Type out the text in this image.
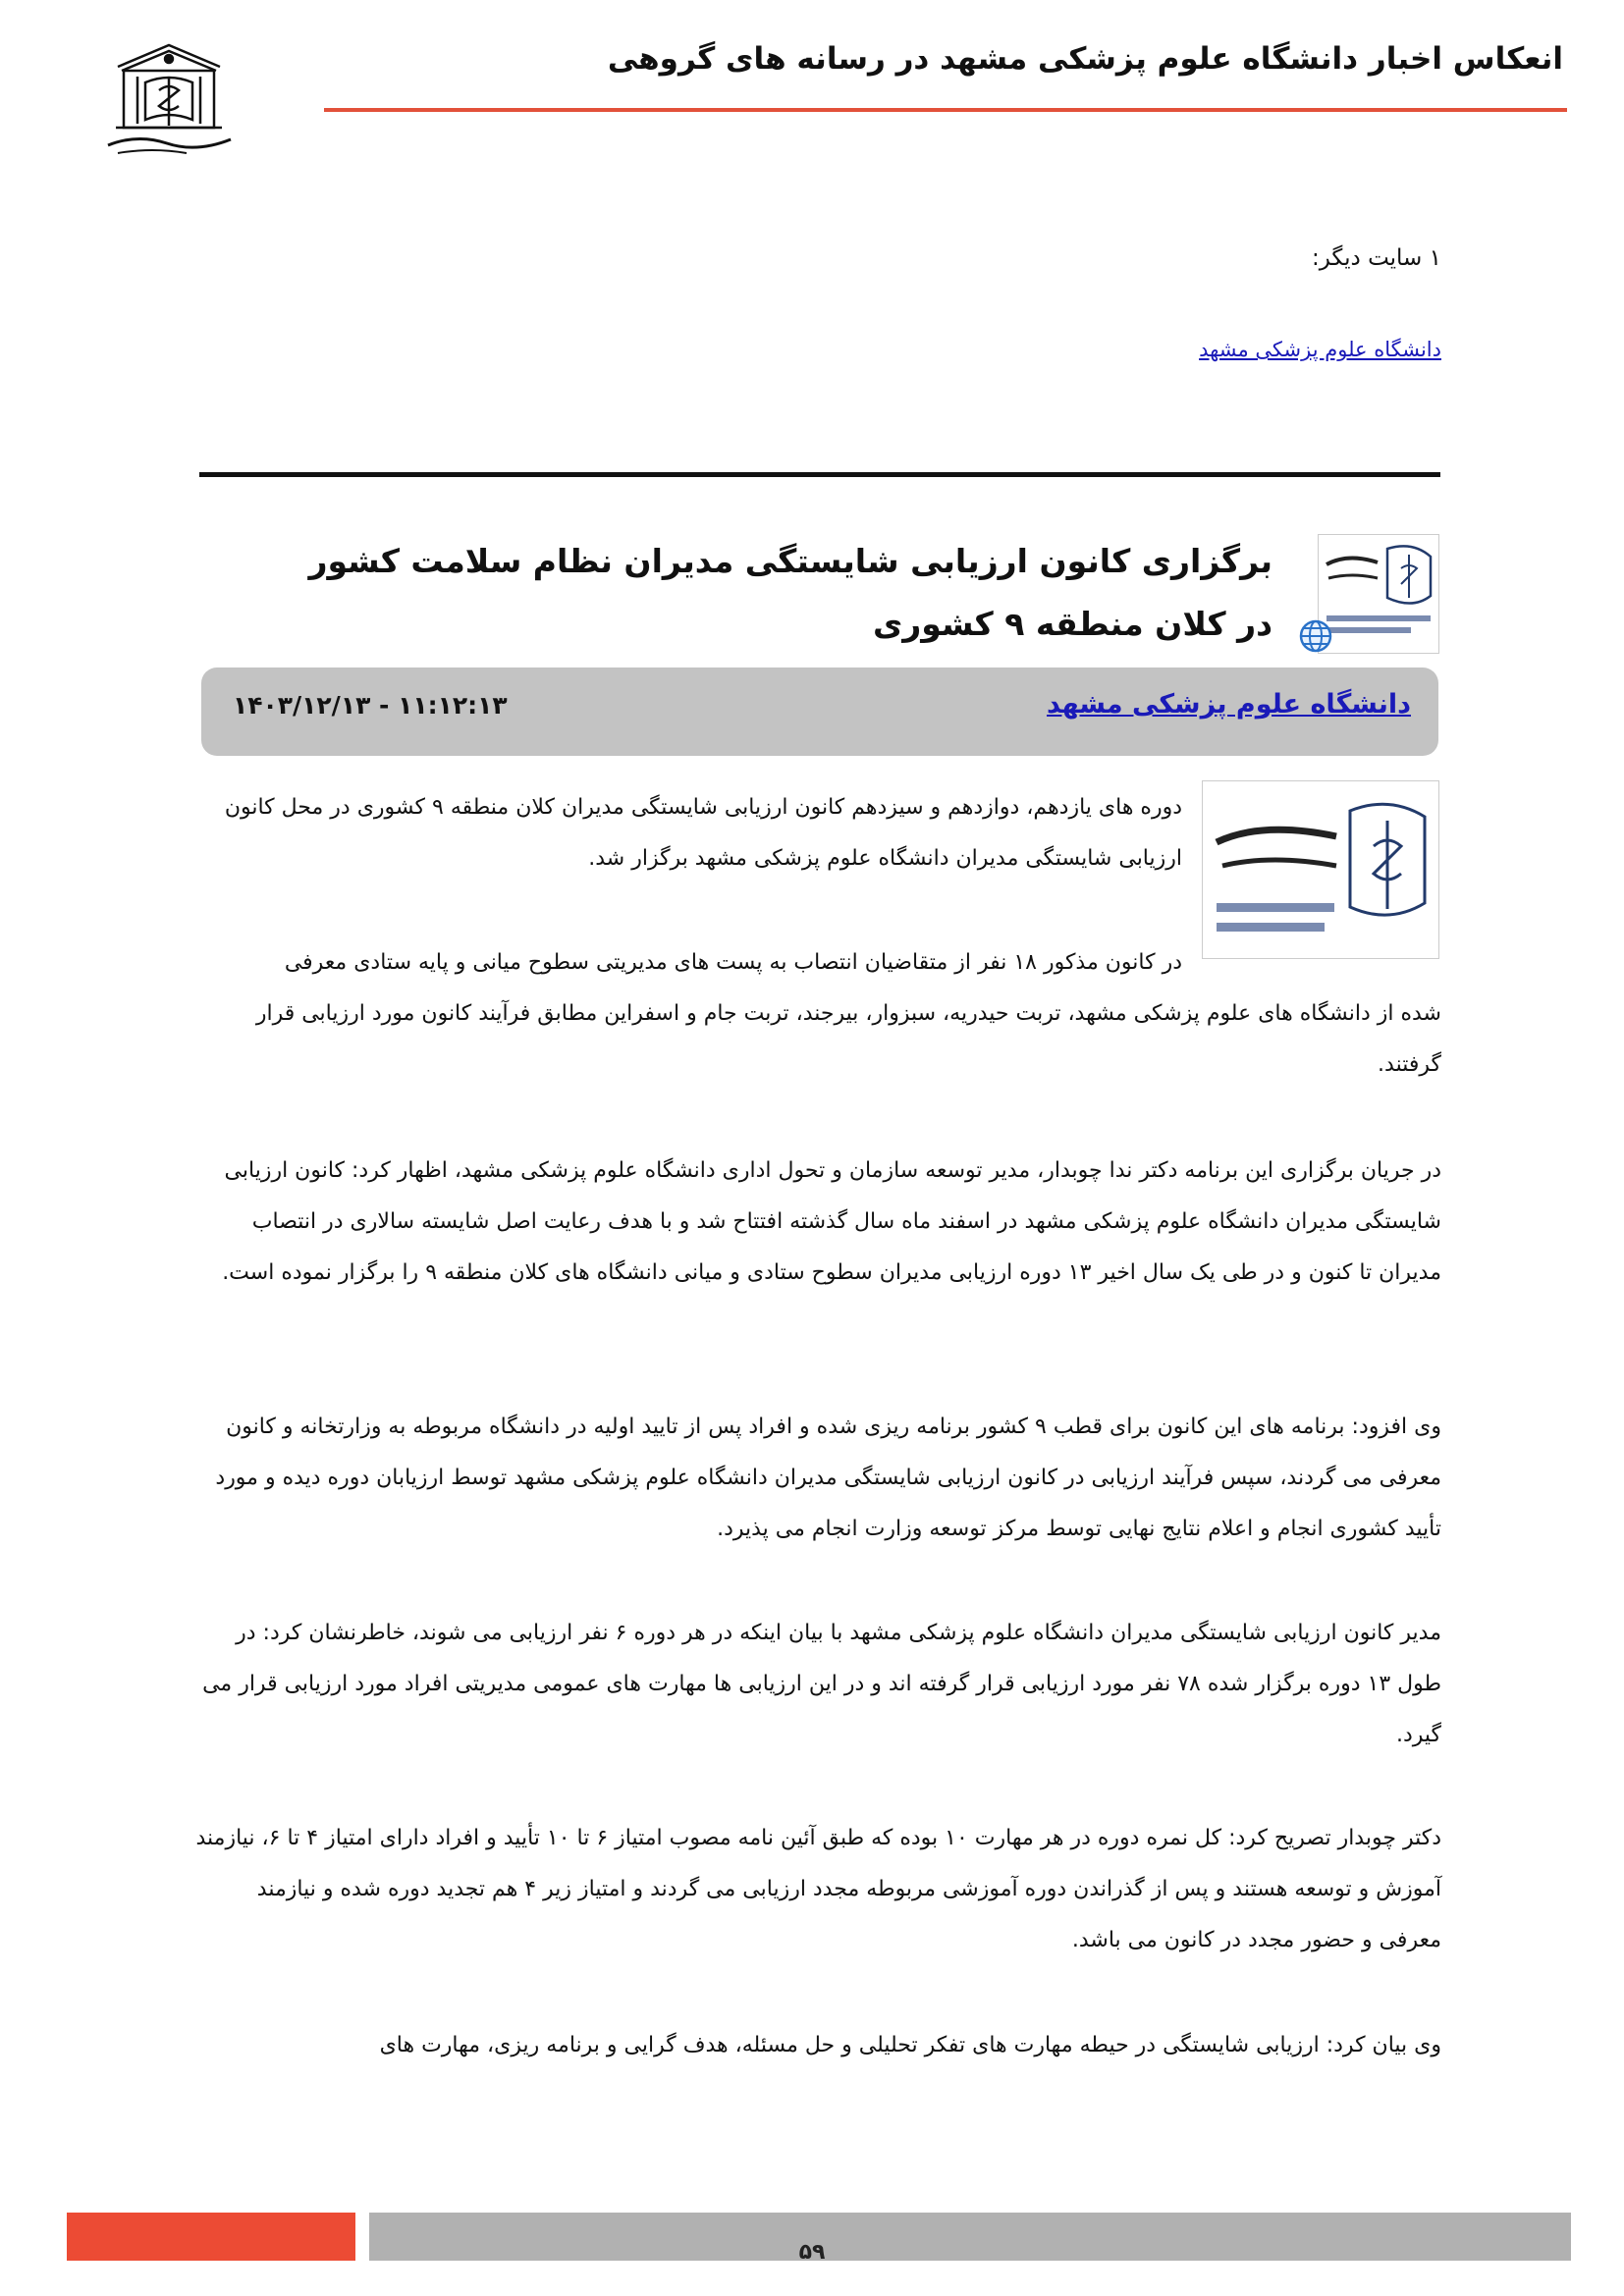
انعکاس اخبار دانشگاه علوم پزشکی مشهد در رسانه های گروهی
۱ سایت دیگر:
دانشگاه علوم پزشکی مشهد
برگزاری کانون ارزیابی شایستگی مدیران نظام سلامت کشور در کلان منطقه ۹ کشوری
دانشگاه علوم پزشکی مشهد
۱۴۰۳/۱۲/۱۳ - ۱۱:۱۲:۱۳
دوره های یازدهم، دوازدهم و سیزدهم کانون ارزیابی شایستگی مدیران کلان منطقه ۹ کشوری در محل کانون ارزیابی شایستگی مدیران دانشگاه علوم پزشکی مشهد برگزار شد.
در کانون مذکور ۱۸ نفر از متقاضیان انتصاب به پست های مدیریتی سطوح میانی و پایه ستادی معرفی شده از دانشگاه های علوم پزشکی مشهد، تربت حیدریه، سبزوار، بیرجند، تربت جام و اسفراین مطابق فرآیند کانون مورد ارزیابی قرار گرفتند.
در جریان برگزاری این برنامه دکتر ندا چوبدار، مدیر توسعه سازمان و تحول اداری دانشگاه علوم پزشکی مشهد، اظهار کرد: کانون ارزیابی شایستگی مدیران دانشگاه علوم پزشکی مشهد در اسفند ماه سال گذشته افتتاح شد و با هدف رعایت اصل شایسته سالاری در انتصاب مدیران تا کنون و در طی یک سال اخیر ۱۳ دوره ارزیابی مدیران سطوح ستادی و میانی دانشگاه های کلان منطقه ۹ را برگزار نموده است.
وی افزود: برنامه های این کانون برای قطب ۹ کشور برنامه ریزی شده و افراد پس از تایید اولیه در دانشگاه مربوطه به وزارتخانه و کانون معرفی می گردند، سپس فرآیند ارزیابی در کانون ارزیابی شایستگی مدیران دانشگاه علوم پزشکی مشهد توسط ارزیابان دوره دیده و مورد تأیید کشوری انجام و اعلام نتایج نهایی توسط مرکز توسعه وزارت انجام می پذیرد.
مدیر کانون ارزیابی شایستگی مدیران دانشگاه علوم پزشکی مشهد با بیان اینکه در هر دوره ۶ نفر ارزیابی می شوند، خاطرنشان کرد: در طول ۱۳ دوره برگزار شده ۷۸ نفر مورد ارزیابی قرار گرفته اند و در این ارزیابی ها مهارت های عمومی مدیریتی افراد مورد ارزیابی قرار می گیرد.
دکتر چوبدار تصریح کرد: کل نمره دوره در هر مهارت ۱۰ بوده که طبق آئین نامه مصوب امتیاز ۶ تا ۱۰ تأیید و افراد دارای امتیاز ۴ تا ۶، نیازمند آموزش و توسعه هستند و پس از گذراندن دوره آموزشی مربوطه مجدد ارزیابی می گردند و امتیاز زیر ۴ هم تجدید دوره شده و نیازمند معرفی و حضور مجدد در کانون می باشد.
وی بیان کرد: ارزیابی شایستگی در حیطه مهارت های تفکر تحلیلی و حل مسئله، هدف گرایی و برنامه ریزی، مهارت های
۵۹
